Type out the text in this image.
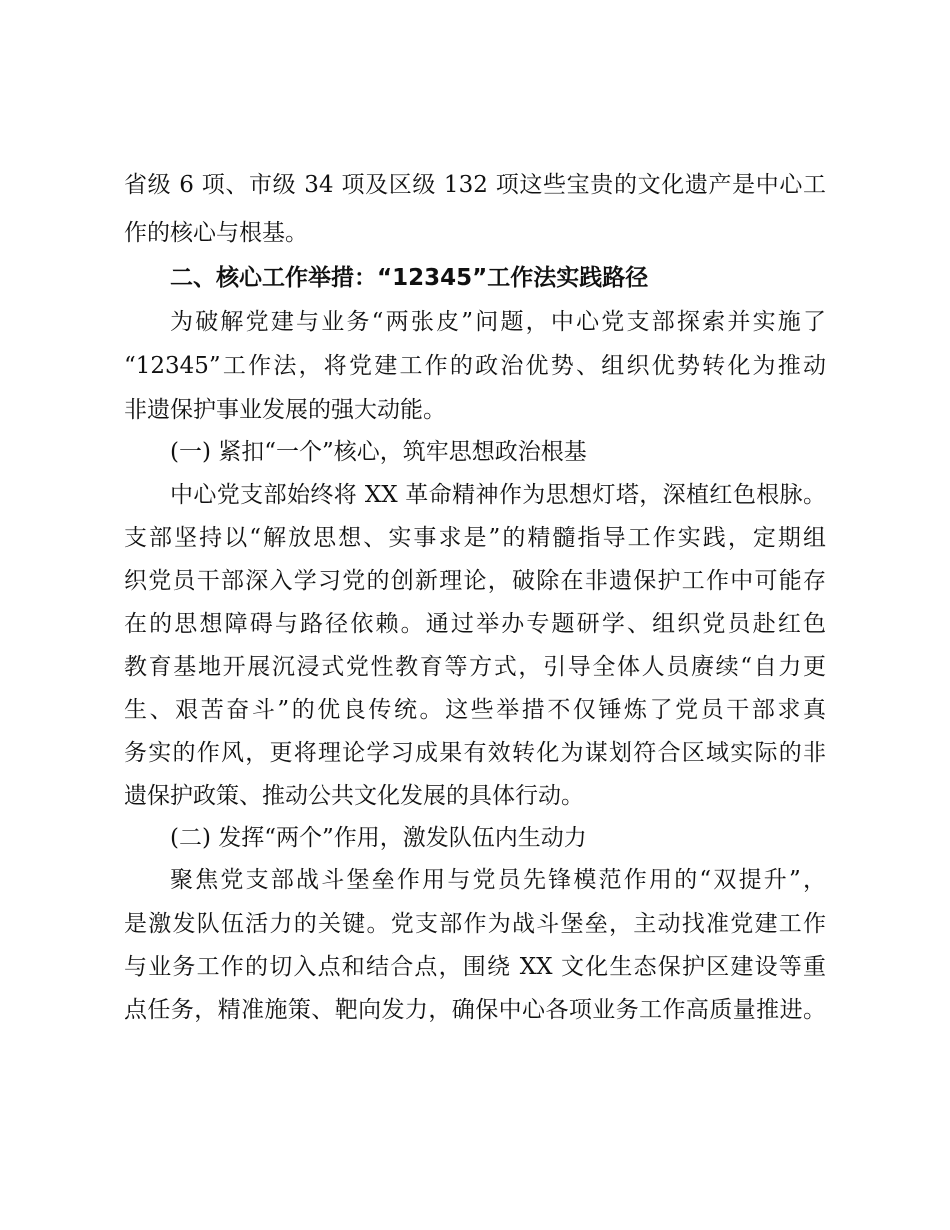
省级 6 项、市级 34 项及区级 132 项这些宝贵的文化遗产是中心工
作的核心与根基。
二、核心工作举措：“12345”工作法实践路径
为破解党建与业务“两张皮”问题，中心党支部探索并实施了
“12345”工作法，将党建工作的政治优势、组织优势转化为推动
非遗保护事业发展的强大动能。
(一) 紧扣“一个”核心，筑牢思想政治根基
中心党支部始终将 XX 革命精神作为思想灯塔，深植红色根脉。
支部坚持以“解放思想、实事求是”的精髓指导工作实践，定期组
织党员干部深入学习党的创新理论，破除在非遗保护工作中可能存
在的思想障碍与路径依赖。通过举办专题研学、组织党员赴红色
教育基地开展沉浸式党性教育等方式，引导全体人员赓续“自力更
生、艰苦奋斗”的优良传统。这些举措不仅锤炼了党员干部求真
务实的作风，更将理论学习成果有效转化为谋划符合区域实际的非
遗保护政策、推动公共文化发展的具体行动。
(二) 发挥“两个”作用，激发队伍内生动力
聚焦党支部战斗堡垒作用与党员先锋模范作用的“双提升”，
是激发队伍活力的关键。党支部作为战斗堡垒，主动找准党建工作
与业务工作的切入点和结合点，围绕 XX 文化生态保护区建设等重
点任务，精准施策、靶向发力，确保中心各项业务工作高质量推进。
